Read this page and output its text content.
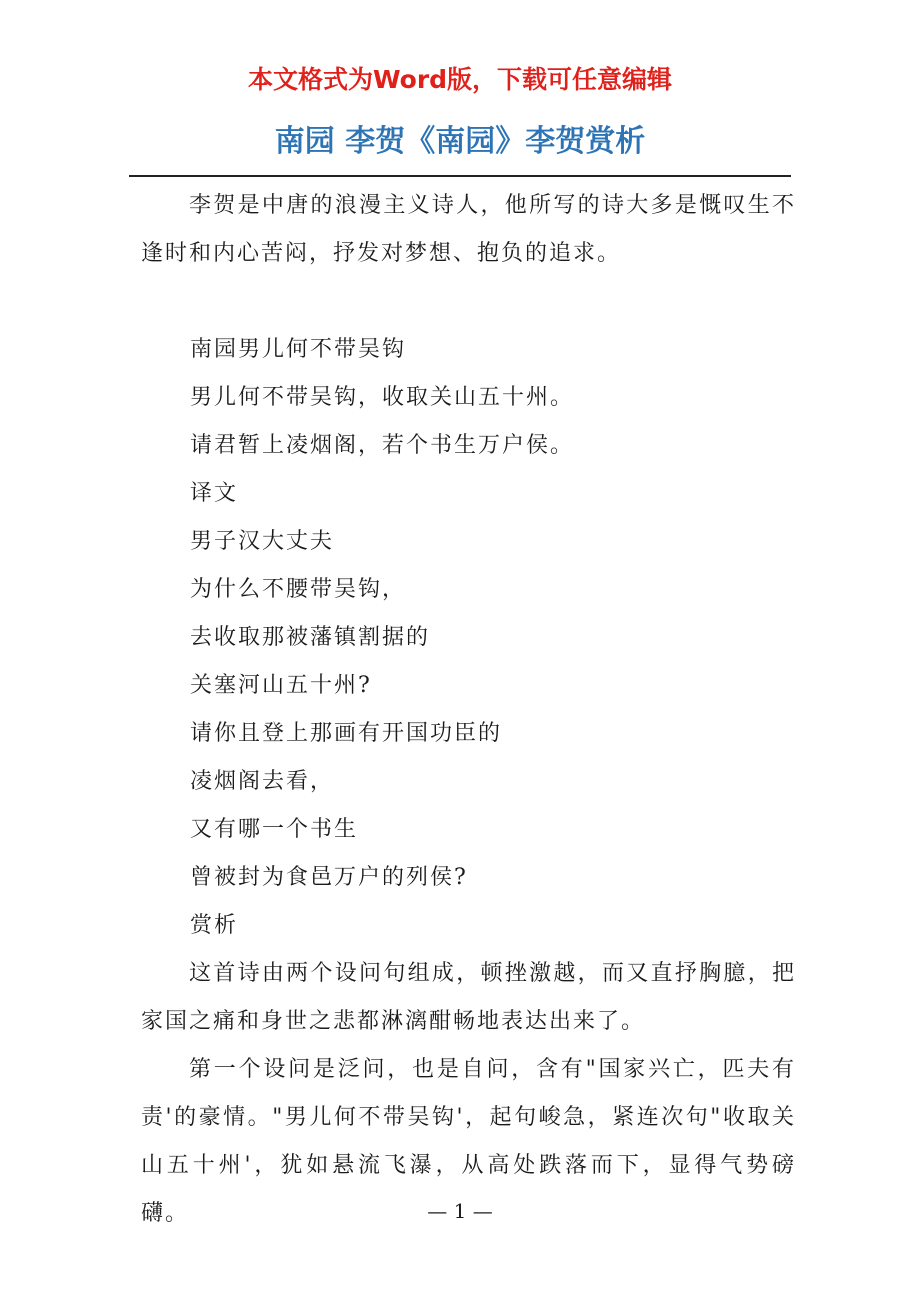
本文格式为Word版，下载可任意编辑
南园 李贺《南园》李贺赏析

李贺是中唐的浪漫主义诗人，他所写的诗大多是慨叹生不逢时和内心苦闷，抒发对梦想、抱负的追求。

南园男儿何不带吴钩

男儿何不带吴钩，收取关山五十州。

请君暂上凌烟阁，若个书生万户侯。

译文

男子汉大丈夫

为什么不腰带吴钩，

去收取那被藩镇割据的

关塞河山五十州?

请你且登上那画有开国功臣的

凌烟阁去看，

又有哪一个书生

曾被封为食邑万户的列侯?

赏析

这首诗由两个设问句组成，顿挫激越，而又直抒胸臆，把家国之痛和身世之悲都淋漓酣畅地表达出来了。

第一个设问是泛问，也是自问，含有"国家兴亡，匹夫有责'的豪情。"男儿何不带吴钩'，起句峻急，紧连次句"收取关山五十州'，犹如悬流飞瀑，从高处跌落而下，显得气势磅礴。	— 1 —
